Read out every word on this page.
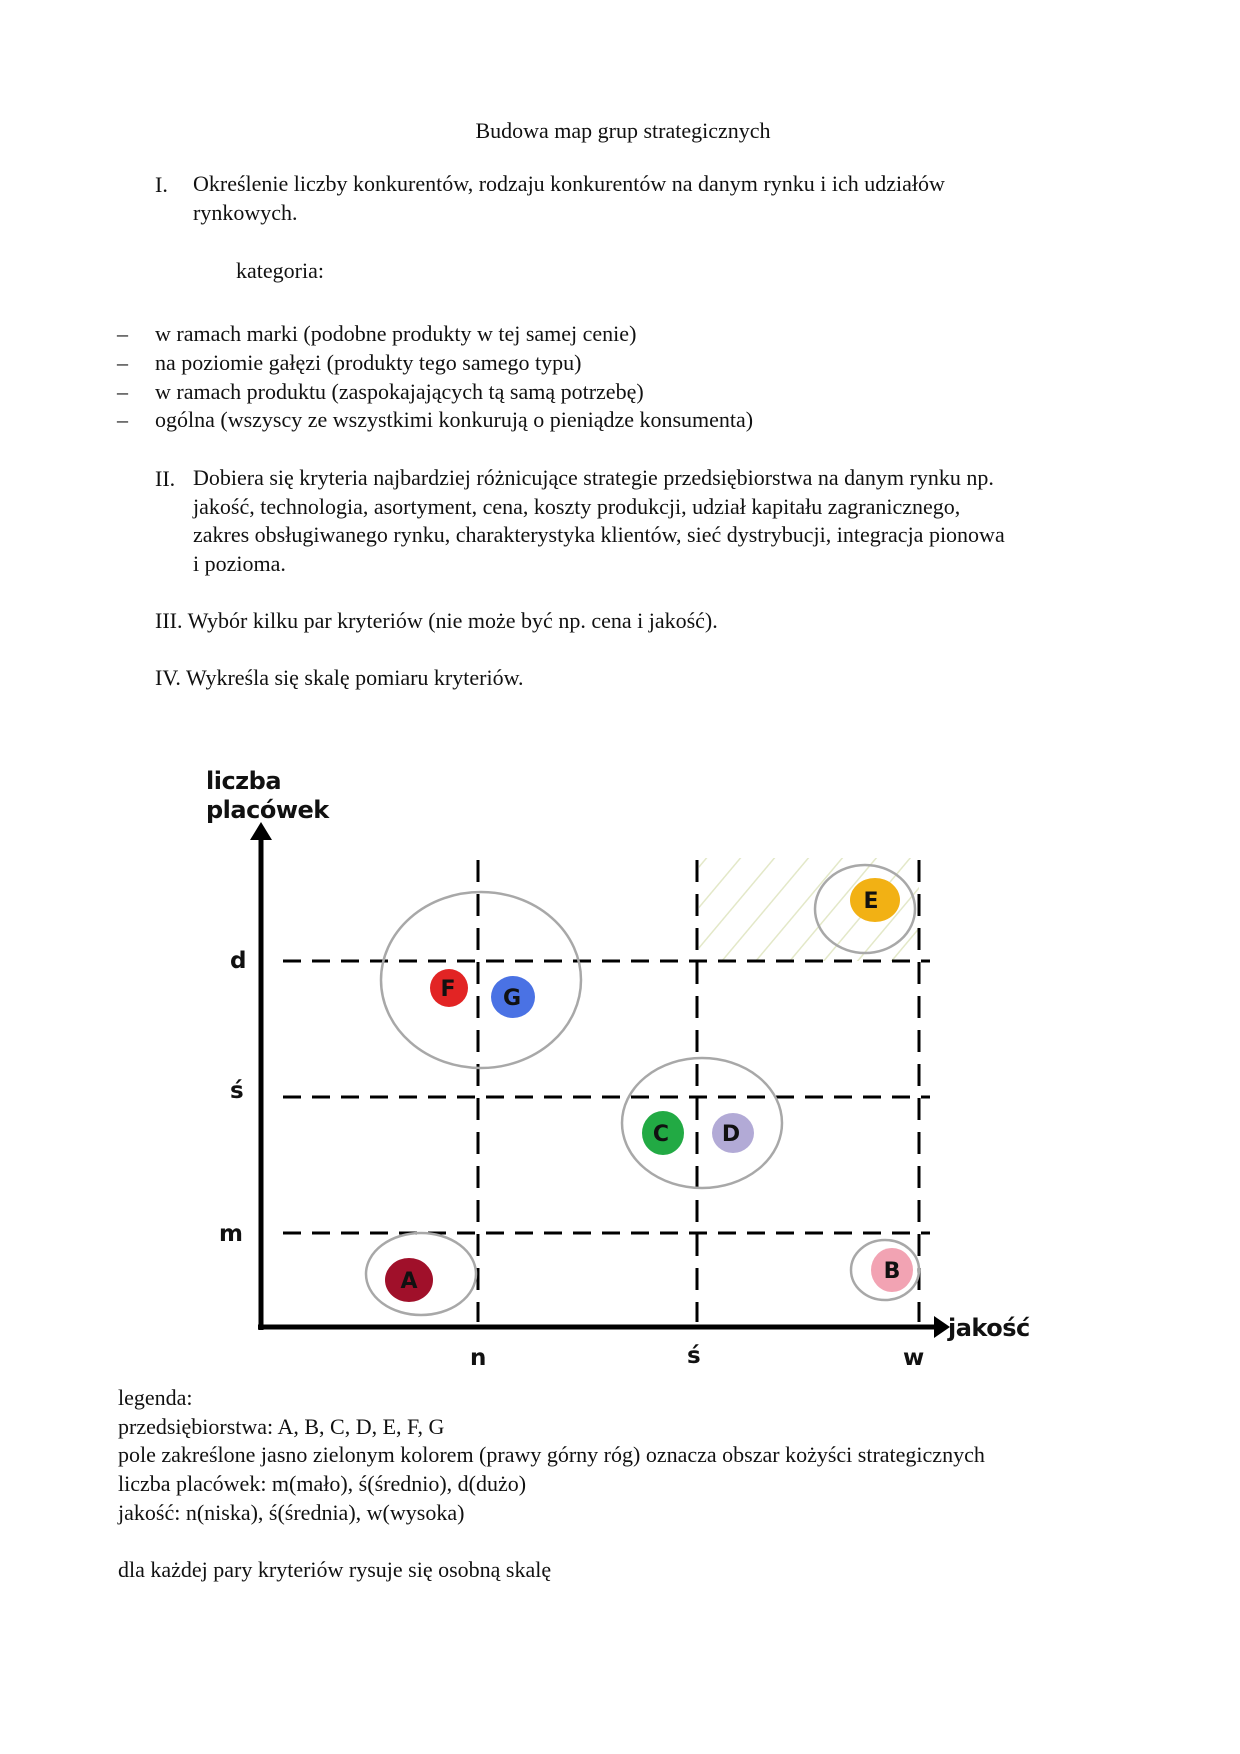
Budowa map grup strategicznych
I. Określenie liczby konkurentów, rodzaju konkurentów na danym rynku i ich udziałów
rynkowych.
kategoria:
– w ramach marki (podobne produkty w tej samej cenie)
– na poziomie gałęzi (produkty tego samego typu)
– w ramach produktu (zaspokajających tą samą potrzebę)
– ogólna (wszyscy ze wszystkimi konkurują o pieniądze konsumenta)
II. Dobiera się kryteria najbardziej różnicujące strategie przedsiębiorstwa na danym rynku np.
jakość, technologia, asortyment, cena, koszty produkcji, udział kapitału zagranicznego,
zakres obsługiwanego rynku, charakterystyka klientów, sieć dystrybucji, integracja pionowa
i pozioma.
III. Wybór kilku par kryteriów (nie może być np. cena i jakość).
IV. Wykreśla się skalę pomiaru kryteriów.
A	B
C D
E
F G
liczba
placówek
jakość
d
ś
m
n	ś	w
legenda:
przedsiębiorstwa: A, B, C, D, E, F, G
pole zakreślone jasno zielonym kolorem (prawy górny róg) oznacza obszar kożyści strategicznych
liczba placówek: m(mało), ś(średnio), d(dużo)
jakość: n(niska), ś(średnia), w(wysoka)
dla każdej pary kryteriów rysuje się osobną skalę
